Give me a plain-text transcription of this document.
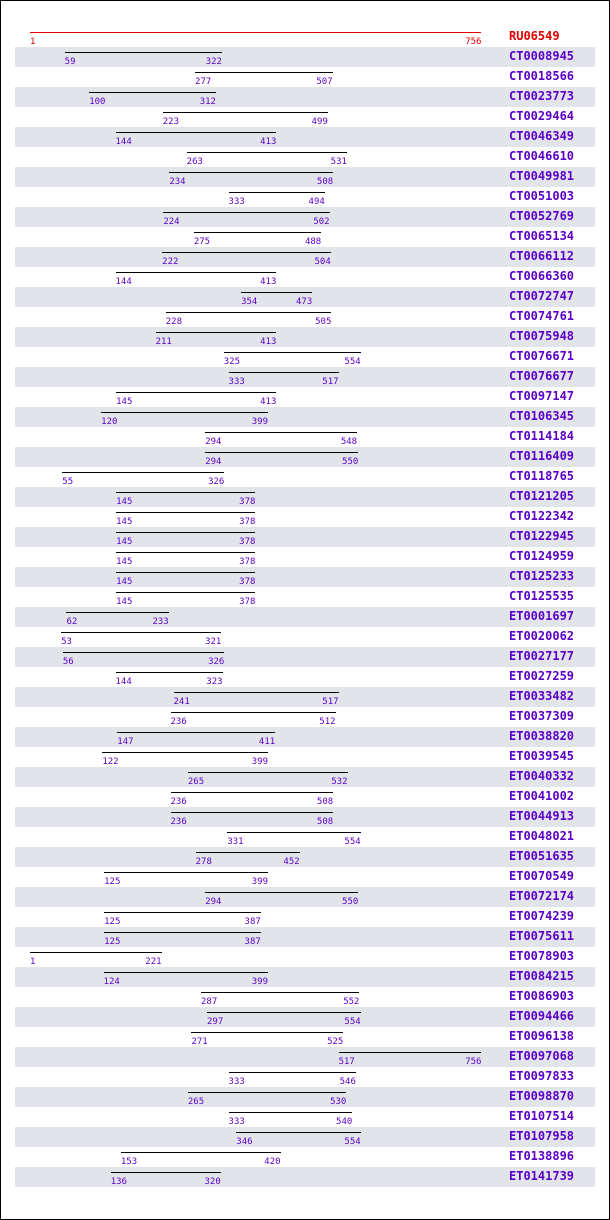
1	756 RU06549
59	322	CT0008945
277	507	CT0018566
100	312	CT0023773
223	499	CT0029464
144	413	CT0046349
263	531	CT0046610
234	508	CT0049981
333	494	CT0051003
224	502	CT0052769
275	488	CT0065134
222	504	CT0066112
144	413	CT0066360
354	473	CT0072747
228	505	CT0074761
211	413	CT0075948
325	554	CT0076671
333	517	CT0076677
145	413	CT0097147
120	399	CT0106345
294	548	CT0114184
294	550	CT0116409
55	326	CT0118765
145	378	CT0121205
145	378	CT0122342
145	378	CT0122945
145	378	CT0124959
145	378	CT0125233
145	378	CT0125535
62	233	ET0001697
53	321	ET0020062
56	326	ET0027177
144	323	ET0027259
241	517	ET0033482
236	512	ET0037309
147	411	ET0038820
122	399	ET0039545
265	532	ET0040332
236	508	ET0041002
236	508	ET0044913
331	554	ET0048021
278	452	ET0051635
125	399	ET0070549
294	550	ET0072174
125	387	ET0074239
125	387	ET0075611
1	221	ET0078903
124	399	ET0084215
287	552	ET0086903
297	554	ET0094466
271	525	ET0096138
517	756 ET0097068
333	546	ET0097833
265	530	ET0098870
333	540	ET0107514
346	554	ET0107958
153	420	ET0138896
136	320	ET0141739
